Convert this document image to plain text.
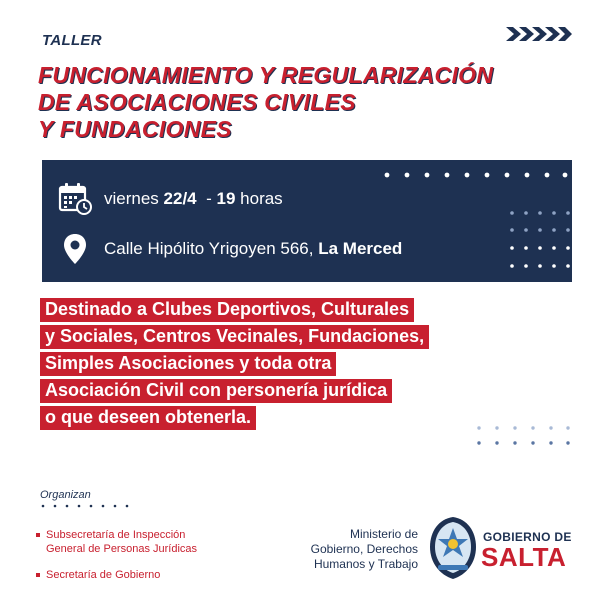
TALLER
FUNCIONAMIENTO Y REGULARIZACIÓN
DE ASOCIACIONES CIVILES
Y FUNDACIONES
viernes
22/4
-
19
horas
Calle Hipólito Yrigoyen 566,
La Merced
Destinado a Clubes Deportivos, Culturales
y Sociales, Centros Vecinales, Fundaciones,
Simples Asociaciones y toda otra
Asociación Civil con personería jurídica
o que deseen obtenerla.
Organizan
Subsecretaría de Inspección
General de Personas Jurídicas
Secretaría de Gobierno
Ministerio de
Gobierno, Derechos
Humanos y Trabajo
GOBIERNO DE
SALTA
